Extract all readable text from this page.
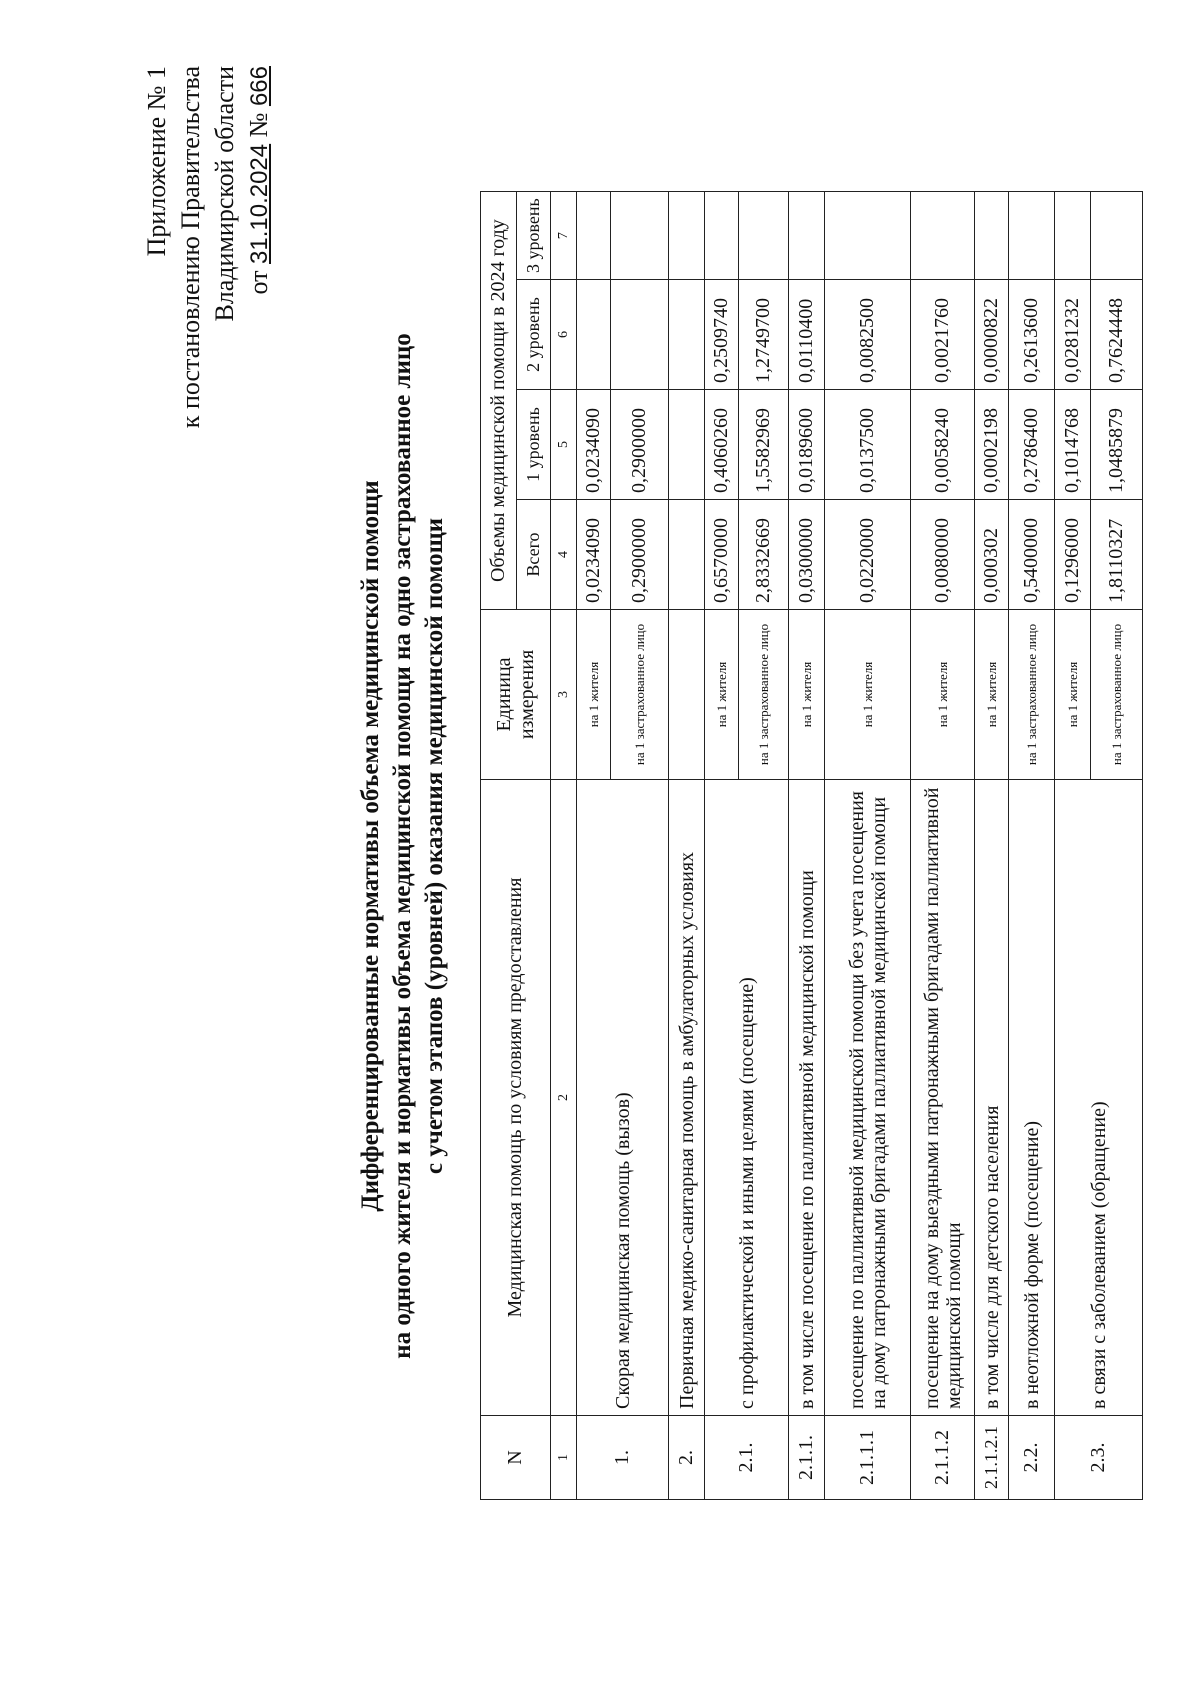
Приложение № 1 к постановлению Правительства Владимирской области от 31.10.2024 № 666
Дифференцированные нормативы объема медицинской помощи на одного жителя и нормативы объема медицинской помощи на одно застрахованное лицо с учетом этапов (уровней) оказания медицинской помощи
N	Медицинская помощь по условиям предоставления	Единица измерения	Объемы медицинской помощи в 2024 году			
			Всего	1 уровень	2 уровень	3 уровень
1	2	3	4	5	6	7
1.	Скорая медицинская помощь (вызов)	на 1 жителя	0,0234090	0,0234090		
		на 1 застрахованное лицо	0,2900000	0,2900000		
2.	Первичная медико-санитарная помощь в амбулаторных условиях					
2.1.	с профилактической и иными целями (посещение)	на 1 жителя	0,6570000	0,4060260	0,2509740	
		на 1 застрахованное лицо	2,8332669	1,5582969	1,2749700	
2.1.1.	в том числе посещение по паллиативной медицинской помощи	на 1 жителя	0,0300000	0,0189600	0,0110400	
2.1.1.1	посещение по паллиативной медицинской помощи без учета посещения на дому патронажными бригадами паллиативной медицинской помощи	на 1 жителя	0,0220000	0,0137500	0,0082500	
2.1.1.2	посещение на дому выездными патронажными бригадами паллиативной медицинской помощи	на 1 жителя	0,0080000	0,0058240	0,0021760	
2.1.1.2.1	в том числе для детского населения	на 1 жителя	0,000302	0,0002198	0,0000822	
2.2.	в неотложной форме (посещение)	на 1 застрахованное лицо	0,5400000	0,2786400	0,2613600	
2.3.	в связи с заболеванием (обращение)	на 1 жителя	0,1296000	0,1014768	0,0281232	
		на 1 застрахованное лицо	1,8110327	1,0485879	0,7624448	
